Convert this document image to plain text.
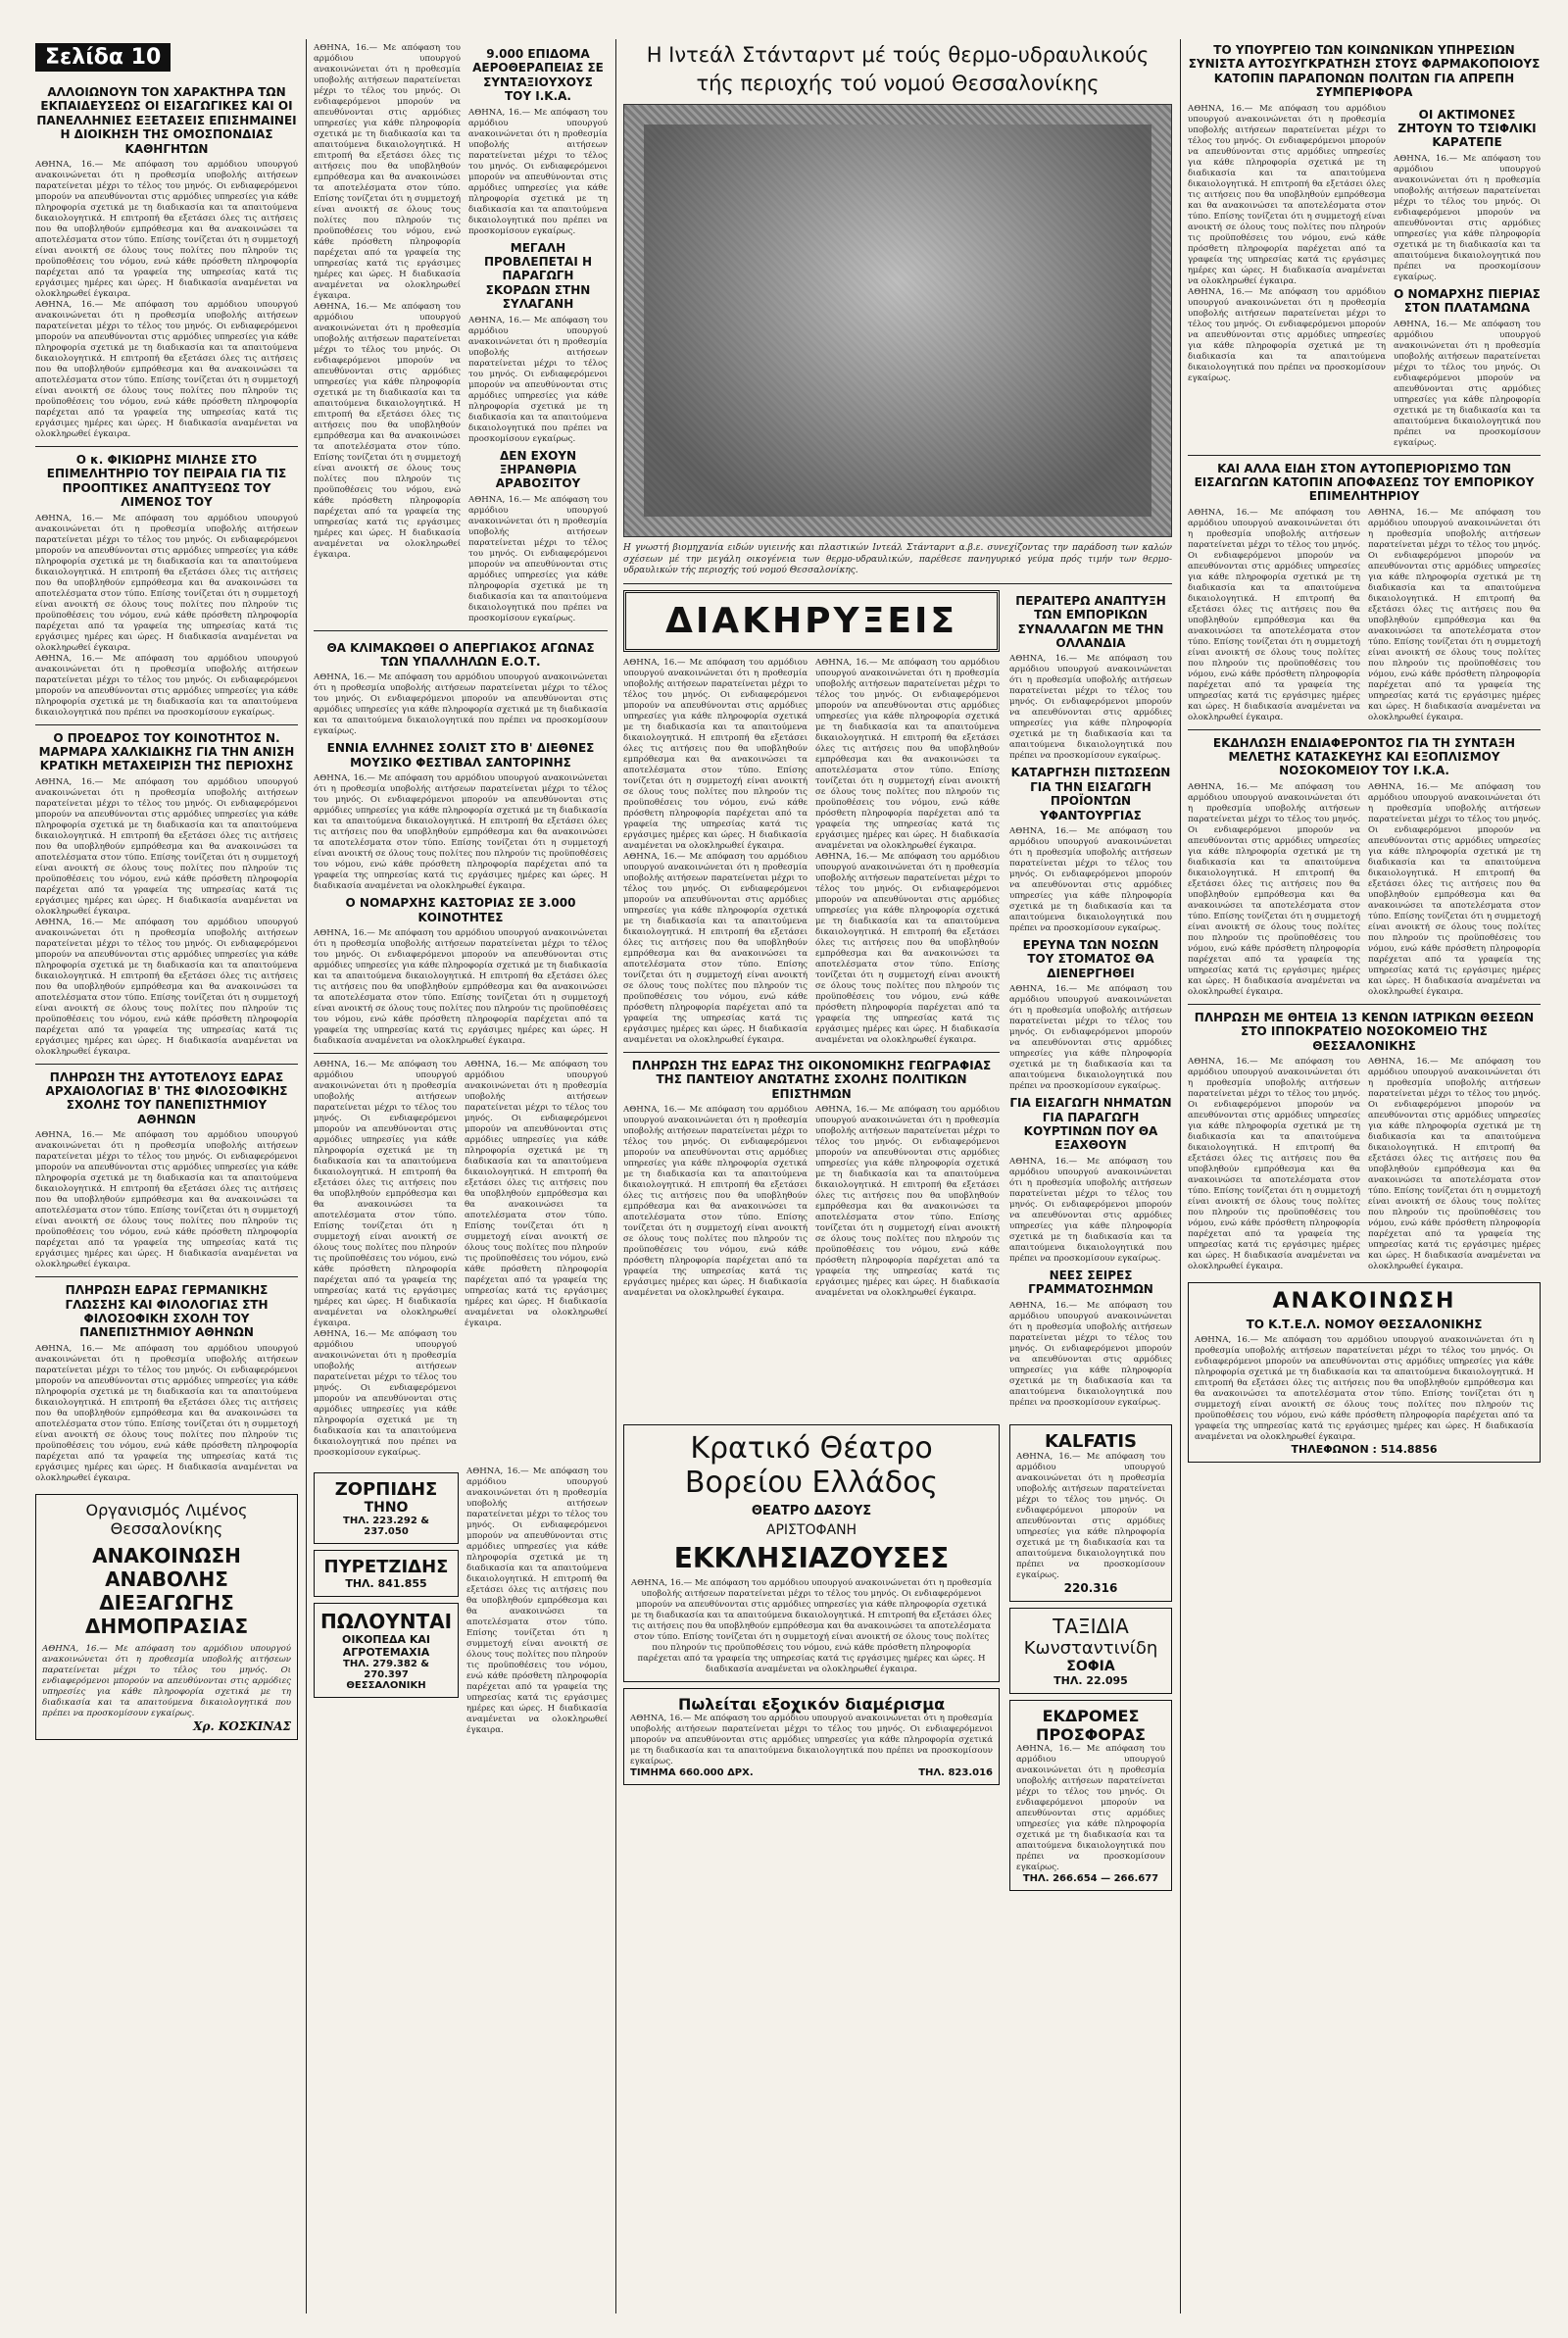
Σελίδα 10
ΑΛΛΟΙΩΝΟΥΝ ΤΟΝ ΧΑΡΑΚΤΗΡΑ ΤΩΝ ΕΚΠΑΙΔΕΥΣΕΩΣ ΟΙ ΕΙΣΑΓΩΓΙΚΕΣ ΚΑΙ ΟΙ ΠΑΝΕΛΛΗΝΙΕΣ ΕΞΕΤΑΣΕΙΣ ΕΠΙΣΗΜΑΙΝΕΙ Η ΔΙΟΙΚΗΣΗ ΤΗΣ ΟΜΟΣΠΟΝΔΙΑΣ ΚΑΘΗΓΗΤΩΝ

ΑΘΗΝΑ, 16.— Με απόφαση του αρμόδιου υπουργού ανακοινώνεται ότι η προθεσμία υποβολής αιτήσεων παρατείνεται μέχρι το τέλος του μηνός. Οι ενδιαφερόμενοι μπορούν να απευθύνονται στις αρμόδιες υπηρεσίες για κάθε πληροφορία σχετικά με τη διαδικασία και τα απαιτούμενα δικαιολογητικά. Η επιτροπή θα εξετάσει όλες τις αιτήσεις που θα υποβληθούν εμπρόθεσμα και θα ανακοινώσει τα αποτελέσματα στον τύπο. Επίσης τονίζεται ότι η συμμετοχή είναι ανοικτή σε όλους τους πολίτες που πληρούν τις προϋποθέσεις του νόμου, ενώ κάθε πρόσθετη πληροφορία παρέχεται από τα γραφεία της υπηρεσίας κατά τις εργάσιμες ημέρες και ώρες. Η διαδικασία αναμένεται να ολοκληρωθεί έγκαιρα.

ΑΘΗΝΑ, 16.— Με απόφαση του αρμόδιου υπουργού ανακοινώνεται ότι η προθεσμία υποβολής αιτήσεων παρατείνεται μέχρι το τέλος του μηνός. Οι ενδιαφερόμενοι μπορούν να απευθύνονται στις αρμόδιες υπηρεσίες για κάθε πληροφορία σχετικά με τη διαδικασία και τα απαιτούμενα δικαιολογητικά. Η επιτροπή θα εξετάσει όλες τις αιτήσεις που θα υποβληθούν εμπρόθεσμα και θα ανακοινώσει τα αποτελέσματα στον τύπο. Επίσης τονίζεται ότι η συμμετοχή είναι ανοικτή σε όλους τους πολίτες που πληρούν τις προϋποθέσεις του νόμου, ενώ κάθε πρόσθετη πληροφορία παρέχεται από τα γραφεία της υπηρεσίας κατά τις εργάσιμες ημέρες και ώρες. Η διαδικασία αναμένεται να ολοκληρωθεί έγκαιρα.

Ο κ. ΦΙΚΙΩΡΗΣ ΜΙΛΗΣΕ ΣΤΟ ΕΠΙΜΕΛΗΤΗΡΙΟ ΤΟΥ ΠΕΙΡΑΙΑ ΓΙΑ ΤΙΣ ΠΡΟΟΠΤΙΚΕΣ ΑΝΑΠΤΥΞΕΩΣ ΤΟΥ ΛΙΜΕΝΟΣ ΤΟΥ

ΑΘΗΝΑ, 16.— Με απόφαση του αρμόδιου υπουργού ανακοινώνεται ότι η προθεσμία υποβολής αιτήσεων παρατείνεται μέχρι το τέλος του μηνός. Οι ενδιαφερόμενοι μπορούν να απευθύνονται στις αρμόδιες υπηρεσίες για κάθε πληροφορία σχετικά με τη διαδικασία και τα απαιτούμενα δικαιολογητικά. Η επιτροπή θα εξετάσει όλες τις αιτήσεις που θα υποβληθούν εμπρόθεσμα και θα ανακοινώσει τα αποτελέσματα στον τύπο. Επίσης τονίζεται ότι η συμμετοχή είναι ανοικτή σε όλους τους πολίτες που πληρούν τις προϋποθέσεις του νόμου, ενώ κάθε πρόσθετη πληροφορία παρέχεται από τα γραφεία της υπηρεσίας κατά τις εργάσιμες ημέρες και ώρες. Η διαδικασία αναμένεται να ολοκληρωθεί έγκαιρα.

ΑΘΗΝΑ, 16.— Με απόφαση του αρμόδιου υπουργού ανακοινώνεται ότι η προθεσμία υποβολής αιτήσεων παρατείνεται μέχρι το τέλος του μηνός. Οι ενδιαφερόμενοι μπορούν να απευθύνονται στις αρμόδιες υπηρεσίες για κάθε πληροφορία σχετικά με τη διαδικασία και τα απαιτούμενα δικαιολογητικά που πρέπει να προσκομίσουν εγκαίρως.

Ο ΠΡΟΕΔΡΟΣ ΤΟΥ ΚΟΙΝΟΤΗΤΟΣ Ν. ΜΑΡΜΑΡΑ ΧΑΛΚΙΔΙΚΗΣ ΓΙΑ ΤΗΝ ΑΝΙΣΗ ΚΡΑΤΙΚΗ ΜΕΤΑΧΕΙΡΙΣΗ ΤΗΣ ΠΕΡΙΟΧΗΣ

ΑΘΗΝΑ, 16.— Με απόφαση του αρμόδιου υπουργού ανακοινώνεται ότι η προθεσμία υποβολής αιτήσεων παρατείνεται μέχρι το τέλος του μηνός. Οι ενδιαφερόμενοι μπορούν να απευθύνονται στις αρμόδιες υπηρεσίες για κάθε πληροφορία σχετικά με τη διαδικασία και τα απαιτούμενα δικαιολογητικά. Η επιτροπή θα εξετάσει όλες τις αιτήσεις που θα υποβληθούν εμπρόθεσμα και θα ανακοινώσει τα αποτελέσματα στον τύπο. Επίσης τονίζεται ότι η συμμετοχή είναι ανοικτή σε όλους τους πολίτες που πληρούν τις προϋποθέσεις του νόμου, ενώ κάθε πρόσθετη πληροφορία παρέχεται από τα γραφεία της υπηρεσίας κατά τις εργάσιμες ημέρες και ώρες. Η διαδικασία αναμένεται να ολοκληρωθεί έγκαιρα.

ΑΘΗΝΑ, 16.— Με απόφαση του αρμόδιου υπουργού ανακοινώνεται ότι η προθεσμία υποβολής αιτήσεων παρατείνεται μέχρι το τέλος του μηνός. Οι ενδιαφερόμενοι μπορούν να απευθύνονται στις αρμόδιες υπηρεσίες για κάθε πληροφορία σχετικά με τη διαδικασία και τα απαιτούμενα δικαιολογητικά. Η επιτροπή θα εξετάσει όλες τις αιτήσεις που θα υποβληθούν εμπρόθεσμα και θα ανακοινώσει τα αποτελέσματα στον τύπο. Επίσης τονίζεται ότι η συμμετοχή είναι ανοικτή σε όλους τους πολίτες που πληρούν τις προϋποθέσεις του νόμου, ενώ κάθε πρόσθετη πληροφορία παρέχεται από τα γραφεία της υπηρεσίας κατά τις εργάσιμες ημέρες και ώρες. Η διαδικασία αναμένεται να ολοκληρωθεί έγκαιρα.

ΠΛΗΡΩΣΗ ΤΗΣ ΑΥΤΟΤΕΛΟΥΣ ΕΔΡΑΣ ΑΡΧΑΙΟΛΟΓΙΑΣ Β' ΤΗΣ ΦΙΛΟΣΟΦΙΚΗΣ ΣΧΟΛΗΣ ΤΟΥ ΠΑΝΕΠΙΣΤΗΜΙΟΥ ΑΘΗΝΩΝ

ΑΘΗΝΑ, 16.— Με απόφαση του αρμόδιου υπουργού ανακοινώνεται ότι η προθεσμία υποβολής αιτήσεων παρατείνεται μέχρι το τέλος του μηνός. Οι ενδιαφερόμενοι μπορούν να απευθύνονται στις αρμόδιες υπηρεσίες για κάθε πληροφορία σχετικά με τη διαδικασία και τα απαιτούμενα δικαιολογητικά. Η επιτροπή θα εξετάσει όλες τις αιτήσεις που θα υποβληθούν εμπρόθεσμα και θα ανακοινώσει τα αποτελέσματα στον τύπο. Επίσης τονίζεται ότι η συμμετοχή είναι ανοικτή σε όλους τους πολίτες που πληρούν τις προϋποθέσεις του νόμου, ενώ κάθε πρόσθετη πληροφορία παρέχεται από τα γραφεία της υπηρεσίας κατά τις εργάσιμες ημέρες και ώρες. Η διαδικασία αναμένεται να ολοκληρωθεί έγκαιρα.

ΠΛΗΡΩΣΗ ΕΔΡΑΣ ΓΕΡΜΑΝΙΚΗΣ ΓΛΩΣΣΗΣ ΚΑΙ ΦΙΛΟΛΟΓΙΑΣ ΣΤΗ ΦΙΛΟΣΟΦΙΚΗ ΣΧΟΛΗ ΤΟΥ ΠΑΝΕΠΙΣΤΗΜΙΟΥ ΑΘΗΝΩΝ

ΑΘΗΝΑ, 16.— Με απόφαση του αρμόδιου υπουργού ανακοινώνεται ότι η προθεσμία υποβολής αιτήσεων παρατείνεται μέχρι το τέλος του μηνός. Οι ενδιαφερόμενοι μπορούν να απευθύνονται στις αρμόδιες υπηρεσίες για κάθε πληροφορία σχετικά με τη διαδικασία και τα απαιτούμενα δικαιολογητικά. Η επιτροπή θα εξετάσει όλες τις αιτήσεις που θα υποβληθούν εμπρόθεσμα και θα ανακοινώσει τα αποτελέσματα στον τύπο. Επίσης τονίζεται ότι η συμμετοχή είναι ανοικτή σε όλους τους πολίτες που πληρούν τις προϋποθέσεις του νόμου, ενώ κάθε πρόσθετη πληροφορία παρέχεται από τα γραφεία της υπηρεσίας κατά τις εργάσιμες ημέρες και ώρες. Η διαδικασία αναμένεται να ολοκληρωθεί έγκαιρα.

Οργανισμός Λιμένος Θεσσαλονίκης
ΑΝΑΚΟΙΝΩΣΗ ΑΝΑΒΟΛΗΣ ΔΙΕΞΑΓΩΓΗΣ ΔΗΜΟΠΡΑΣΙΑΣ

ΑΘΗΝΑ, 16.— Με απόφαση του αρμόδιου υπουργού ανακοινώνεται ότι η προθεσμία υποβολής αιτήσεων παρατείνεται μέχρι το τέλος του μηνός. Οι ενδιαφερόμενοι μπορούν να απευθύνονται στις αρμόδιες υπηρεσίες για κάθε πληροφορία σχετικά με τη διαδικασία και τα απαιτούμενα δικαιολογητικά που πρέπει να προσκομίσουν εγκαίρως.

Χρ. ΚΟΣΚΙΝΑΣ

ΑΘΗΝΑ, 16.— Με απόφαση του αρμόδιου υπουργού ανακοινώνεται ότι η προθεσμία υποβολής αιτήσεων παρατείνεται μέχρι το τέλος του μηνός. Οι ενδιαφερόμενοι μπορούν να απευθύνονται στις αρμόδιες υπηρεσίες για κάθε πληροφορία σχετικά με τη διαδικασία και τα απαιτούμενα δικαιολογητικά. Η επιτροπή θα εξετάσει όλες τις αιτήσεις που θα υποβληθούν εμπρόθεσμα και θα ανακοινώσει τα αποτελέσματα στον τύπο. Επίσης τονίζεται ότι η συμμετοχή είναι ανοικτή σε όλους τους πολίτες που πληρούν τις προϋποθέσεις του νόμου, ενώ κάθε πρόσθετη πληροφορία παρέχεται από τα γραφεία της υπηρεσίας κατά τις εργάσιμες ημέρες και ώρες. Η διαδικασία αναμένεται να ολοκληρωθεί έγκαιρα.

ΑΘΗΝΑ, 16.— Με απόφαση του αρμόδιου υπουργού ανακοινώνεται ότι η προθεσμία υποβολής αιτήσεων παρατείνεται μέχρι το τέλος του μηνός. Οι ενδιαφερόμενοι μπορούν να απευθύνονται στις αρμόδιες υπηρεσίες για κάθε πληροφορία σχετικά με τη διαδικασία και τα απαιτούμενα δικαιολογητικά. Η επιτροπή θα εξετάσει όλες τις αιτήσεις που θα υποβληθούν εμπρόθεσμα και θα ανακοινώσει τα αποτελέσματα στον τύπο. Επίσης τονίζεται ότι η συμμετοχή είναι ανοικτή σε όλους τους πολίτες που πληρούν τις προϋποθέσεις του νόμου, ενώ κάθε πρόσθετη πληροφορία παρέχεται από τα γραφεία της υπηρεσίας κατά τις εργάσιμες ημέρες και ώρες. Η διαδικασία αναμένεται να ολοκληρωθεί έγκαιρα.

9.000 ΕΠΙΔΟΜΑ ΑΕΡΟΘΕΡΑΠΕΙΑΣ ΣΕ ΣΥΝΤΑΞΙΟΥΧΟΥΣ ΤΟΥ Ι.Κ.Α.

ΑΘΗΝΑ, 16.— Με απόφαση του αρμόδιου υπουργού ανακοινώνεται ότι η προθεσμία υποβολής αιτήσεων παρατείνεται μέχρι το τέλος του μηνός. Οι ενδιαφερόμενοι μπορούν να απευθύνονται στις αρμόδιες υπηρεσίες για κάθε πληροφορία σχετικά με τη διαδικασία και τα απαιτούμενα δικαιολογητικά που πρέπει να προσκομίσουν εγκαίρως.

ΜΕΓΑΛΗ ΠΡΟΒΛΕΠΕΤΑΙ Η ΠΑΡΑΓΩΓΗ ΣΚΟΡΔΩΝ ΣΤΗΝ ΣΥΛΑΓΑΝΗ

ΑΘΗΝΑ, 16.— Με απόφαση του αρμόδιου υπουργού ανακοινώνεται ότι η προθεσμία υποβολής αιτήσεων παρατείνεται μέχρι το τέλος του μηνός. Οι ενδιαφερόμενοι μπορούν να απευθύνονται στις αρμόδιες υπηρεσίες για κάθε πληροφορία σχετικά με τη διαδικασία και τα απαιτούμενα δικαιολογητικά που πρέπει να προσκομίσουν εγκαίρως.

ΔΕΝ ΕΧΟΥΝ ΞΗΡΑΝΘΡΙΑ ΑΡΑΒΟΣΙΤΟΥ

ΑΘΗΝΑ, 16.— Με απόφαση του αρμόδιου υπουργού ανακοινώνεται ότι η προθεσμία υποβολής αιτήσεων παρατείνεται μέχρι το τέλος του μηνός. Οι ενδιαφερόμενοι μπορούν να απευθύνονται στις αρμόδιες υπηρεσίες για κάθε πληροφορία σχετικά με τη διαδικασία και τα απαιτούμενα δικαιολογητικά που πρέπει να προσκομίσουν εγκαίρως.

ΘΑ ΚΛΙΜΑΚΩΘΕΙ Ο ΑΠΕΡΓΙΑΚΟΣ ΑΓΩΝΑΣ ΤΩΝ ΥΠΑΛΛΗΛΩΝ Ε.Ο.Τ.

ΑΘΗΝΑ, 16.— Με απόφαση του αρμόδιου υπουργού ανακοινώνεται ότι η προθεσμία υποβολής αιτήσεων παρατείνεται μέχρι το τέλος του μηνός. Οι ενδιαφερόμενοι μπορούν να απευθύνονται στις αρμόδιες υπηρεσίες για κάθε πληροφορία σχετικά με τη διαδικασία και τα απαιτούμενα δικαιολογητικά που πρέπει να προσκομίσουν εγκαίρως.

ΕΝΝΙΑ ΕΛΛΗΝΕΣ ΣΟΛΙΣΤ ΣΤΟ Β' ΔΙΕΘΝΕΣ ΜΟΥΣΙΚΟ ΦΕΣΤΙΒΑΛ ΣΑΝΤΟΡΙΝΗΣ

ΑΘΗΝΑ, 16.— Με απόφαση του αρμόδιου υπουργού ανακοινώνεται ότι η προθεσμία υποβολής αιτήσεων παρατείνεται μέχρι το τέλος του μηνός. Οι ενδιαφερόμενοι μπορούν να απευθύνονται στις αρμόδιες υπηρεσίες για κάθε πληροφορία σχετικά με τη διαδικασία και τα απαιτούμενα δικαιολογητικά. Η επιτροπή θα εξετάσει όλες τις αιτήσεις που θα υποβληθούν εμπρόθεσμα και θα ανακοινώσει τα αποτελέσματα στον τύπο. Επίσης τονίζεται ότι η συμμετοχή είναι ανοικτή σε όλους τους πολίτες που πληρούν τις προϋποθέσεις του νόμου, ενώ κάθε πρόσθετη πληροφορία παρέχεται από τα γραφεία της υπηρεσίας κατά τις εργάσιμες ημέρες και ώρες. Η διαδικασία αναμένεται να ολοκληρωθεί έγκαιρα.

Ο ΝΟΜΑΡΧΗΣ ΚΑΣΤΟΡΙΑΣ ΣΕ 3.000 ΚΟΙΝΟΤΗΤΕΣ

ΑΘΗΝΑ, 16.— Με απόφαση του αρμόδιου υπουργού ανακοινώνεται ότι η προθεσμία υποβολής αιτήσεων παρατείνεται μέχρι το τέλος του μηνός. Οι ενδιαφερόμενοι μπορούν να απευθύνονται στις αρμόδιες υπηρεσίες για κάθε πληροφορία σχετικά με τη διαδικασία και τα απαιτούμενα δικαιολογητικά. Η επιτροπή θα εξετάσει όλες τις αιτήσεις που θα υποβληθούν εμπρόθεσμα και θα ανακοινώσει τα αποτελέσματα στον τύπο. Επίσης τονίζεται ότι η συμμετοχή είναι ανοικτή σε όλους τους πολίτες που πληρούν τις προϋποθέσεις του νόμου, ενώ κάθε πρόσθετη πληροφορία παρέχεται από τα γραφεία της υπηρεσίας κατά τις εργάσιμες ημέρες και ώρες. Η διαδικασία αναμένεται να ολοκληρωθεί έγκαιρα.

ΑΘΗΝΑ, 16.— Με απόφαση του αρμόδιου υπουργού ανακοινώνεται ότι η προθεσμία υποβολής αιτήσεων παρατείνεται μέχρι το τέλος του μηνός. Οι ενδιαφερόμενοι μπορούν να απευθύνονται στις αρμόδιες υπηρεσίες για κάθε πληροφορία σχετικά με τη διαδικασία και τα απαιτούμενα δικαιολογητικά. Η επιτροπή θα εξετάσει όλες τις αιτήσεις που θα υποβληθούν εμπρόθεσμα και θα ανακοινώσει τα αποτελέσματα στον τύπο. Επίσης τονίζεται ότι η συμμετοχή είναι ανοικτή σε όλους τους πολίτες που πληρούν τις προϋποθέσεις του νόμου, ενώ κάθε πρόσθετη πληροφορία παρέχεται από τα γραφεία της υπηρεσίας κατά τις εργάσιμες ημέρες και ώρες. Η διαδικασία αναμένεται να ολοκληρωθεί έγκαιρα.

ΑΘΗΝΑ, 16.— Με απόφαση του αρμόδιου υπουργού ανακοινώνεται ότι η προθεσμία υποβολής αιτήσεων παρατείνεται μέχρι το τέλος του μηνός. Οι ενδιαφερόμενοι μπορούν να απευθύνονται στις αρμόδιες υπηρεσίες για κάθε πληροφορία σχετικά με τη διαδικασία και τα απαιτούμενα δικαιολογητικά που πρέπει να προσκομίσουν εγκαίρως.

ΑΘΗΝΑ, 16.— Με απόφαση του αρμόδιου υπουργού ανακοινώνεται ότι η προθεσμία υποβολής αιτήσεων παρατείνεται μέχρι το τέλος του μηνός. Οι ενδιαφερόμενοι μπορούν να απευθύνονται στις αρμόδιες υπηρεσίες για κάθε πληροφορία σχετικά με τη διαδικασία και τα απαιτούμενα δικαιολογητικά. Η επιτροπή θα εξετάσει όλες τις αιτήσεις που θα υποβληθούν εμπρόθεσμα και θα ανακοινώσει τα αποτελέσματα στον τύπο. Επίσης τονίζεται ότι η συμμετοχή είναι ανοικτή σε όλους τους πολίτες που πληρούν τις προϋποθέσεις του νόμου, ενώ κάθε πρόσθετη πληροφορία παρέχεται από τα γραφεία της υπηρεσίας κατά τις εργάσιμες ημέρες και ώρες. Η διαδικασία αναμένεται να ολοκληρωθεί έγκαιρα.

ΖΟΡΠΙΔΗΣ
ΤΗΝΟ
ΤΗΛ. 223.292 & 237.050
ΠΥΡΕΤΖΙΔΗΣ
ΤΗΛ. 841.855
ΠΩΛΟΥΝΤΑΙ
ΟΙΚΟΠΕΔΑ ΚΑΙ ΑΓΡΟΤΕΜΑΧΙΑ
ΤΗΛ. 279.382 & 270.397
ΘΕΣΣΑΛΟΝΙΚΗ

ΑΘΗΝΑ, 16.— Με απόφαση του αρμόδιου υπουργού ανακοινώνεται ότι η προθεσμία υποβολής αιτήσεων παρατείνεται μέχρι το τέλος του μηνός. Οι ενδιαφερόμενοι μπορούν να απευθύνονται στις αρμόδιες υπηρεσίες για κάθε πληροφορία σχετικά με τη διαδικασία και τα απαιτούμενα δικαιολογητικά. Η επιτροπή θα εξετάσει όλες τις αιτήσεις που θα υποβληθούν εμπρόθεσμα και θα ανακοινώσει τα αποτελέσματα στον τύπο. Επίσης τονίζεται ότι η συμμετοχή είναι ανοικτή σε όλους τους πολίτες που πληρούν τις προϋποθέσεις του νόμου, ενώ κάθε πρόσθετη πληροφορία παρέχεται από τα γραφεία της υπηρεσίας κατά τις εργάσιμες ημέρες και ώρες. Η διαδικασία αναμένεται να ολοκληρωθεί έγκαιρα.

Η Ιντεάλ Στάνταρντ μέ τούς θερμο-υδραυλικούς
τής περιοχής τού νομού Θεσσαλονίκης

Η γνωστή βιομηχανία ειδών υγιεινής και πλαστικών Ιντεάλ Στάνταρντ α.β.ε. συνεχίζοντας την παράδοση των καλών σχέσεων μέ την μεγάλη οικογένεια των θερμο-υδραυλικών, παρέθεσε πανηγυρικό γεύμα πρός τιμήν των θερμο-υδραυλικών τής περιοχής τού νομού Θεσσαλονίκης.

ΔΙΑΚΗΡΥΞΕΙΣ

ΑΘΗΝΑ, 16.— Με απόφαση του αρμόδιου υπουργού ανακοινώνεται ότι η προθεσμία υποβολής αιτήσεων παρατείνεται μέχρι το τέλος του μηνός. Οι ενδιαφερόμενοι μπορούν να απευθύνονται στις αρμόδιες υπηρεσίες για κάθε πληροφορία σχετικά με τη διαδικασία και τα απαιτούμενα δικαιολογητικά. Η επιτροπή θα εξετάσει όλες τις αιτήσεις που θα υποβληθούν εμπρόθεσμα και θα ανακοινώσει τα αποτελέσματα στον τύπο. Επίσης τονίζεται ότι η συμμετοχή είναι ανοικτή σε όλους τους πολίτες που πληρούν τις προϋποθέσεις του νόμου, ενώ κάθε πρόσθετη πληροφορία παρέχεται από τα γραφεία της υπηρεσίας κατά τις εργάσιμες ημέρες και ώρες. Η διαδικασία αναμένεται να ολοκληρωθεί έγκαιρα.

ΑΘΗΝΑ, 16.— Με απόφαση του αρμόδιου υπουργού ανακοινώνεται ότι η προθεσμία υποβολής αιτήσεων παρατείνεται μέχρι το τέλος του μηνός. Οι ενδιαφερόμενοι μπορούν να απευθύνονται στις αρμόδιες υπηρεσίες για κάθε πληροφορία σχετικά με τη διαδικασία και τα απαιτούμενα δικαιολογητικά. Η επιτροπή θα εξετάσει όλες τις αιτήσεις που θα υποβληθούν εμπρόθεσμα και θα ανακοινώσει τα αποτελέσματα στον τύπο. Επίσης τονίζεται ότι η συμμετοχή είναι ανοικτή σε όλους τους πολίτες που πληρούν τις προϋποθέσεις του νόμου, ενώ κάθε πρόσθετη πληροφορία παρέχεται από τα γραφεία της υπηρεσίας κατά τις εργάσιμες ημέρες και ώρες. Η διαδικασία αναμένεται να ολοκληρωθεί έγκαιρα.

ΑΘΗΝΑ, 16.— Με απόφαση του αρμόδιου υπουργού ανακοινώνεται ότι η προθεσμία υποβολής αιτήσεων παρατείνεται μέχρι το τέλος του μηνός. Οι ενδιαφερόμενοι μπορούν να απευθύνονται στις αρμόδιες υπηρεσίες για κάθε πληροφορία σχετικά με τη διαδικασία και τα απαιτούμενα δικαιολογητικά. Η επιτροπή θα εξετάσει όλες τις αιτήσεις που θα υποβληθούν εμπρόθεσμα και θα ανακοινώσει τα αποτελέσματα στον τύπο. Επίσης τονίζεται ότι η συμμετοχή είναι ανοικτή σε όλους τους πολίτες που πληρούν τις προϋποθέσεις του νόμου, ενώ κάθε πρόσθετη πληροφορία παρέχεται από τα γραφεία της υπηρεσίας κατά τις εργάσιμες ημέρες και ώρες. Η διαδικασία αναμένεται να ολοκληρωθεί έγκαιρα.

ΑΘΗΝΑ, 16.— Με απόφαση του αρμόδιου υπουργού ανακοινώνεται ότι η προθεσμία υποβολής αιτήσεων παρατείνεται μέχρι το τέλος του μηνός. Οι ενδιαφερόμενοι μπορούν να απευθύνονται στις αρμόδιες υπηρεσίες για κάθε πληροφορία σχετικά με τη διαδικασία και τα απαιτούμενα δικαιολογητικά. Η επιτροπή θα εξετάσει όλες τις αιτήσεις που θα υποβληθούν εμπρόθεσμα και θα ανακοινώσει τα αποτελέσματα στον τύπο. Επίσης τονίζεται ότι η συμμετοχή είναι ανοικτή σε όλους τους πολίτες που πληρούν τις προϋποθέσεις του νόμου, ενώ κάθε πρόσθετη πληροφορία παρέχεται από τα γραφεία της υπηρεσίας κατά τις εργάσιμες ημέρες και ώρες. Η διαδικασία αναμένεται να ολοκληρωθεί έγκαιρα.

ΠΛΗΡΩΣΗ ΤΗΣ ΕΔΡΑΣ ΤΗΣ ΟΙΚΟΝΟΜΙΚΗΣ ΓΕΩΓΡΑΦΙΑΣ ΤΗΣ ΠΑΝΤΕΙΟΥ ΑΝΩΤΑΤΗΣ ΣΧΟΛΗΣ ΠΟΛΙΤΙΚΩΝ ΕΠΙΣΤΗΜΩΝ

ΑΘΗΝΑ, 16.— Με απόφαση του αρμόδιου υπουργού ανακοινώνεται ότι η προθεσμία υποβολής αιτήσεων παρατείνεται μέχρι το τέλος του μηνός. Οι ενδιαφερόμενοι μπορούν να απευθύνονται στις αρμόδιες υπηρεσίες για κάθε πληροφορία σχετικά με τη διαδικασία και τα απαιτούμενα δικαιολογητικά. Η επιτροπή θα εξετάσει όλες τις αιτήσεις που θα υποβληθούν εμπρόθεσμα και θα ανακοινώσει τα αποτελέσματα στον τύπο. Επίσης τονίζεται ότι η συμμετοχή είναι ανοικτή σε όλους τους πολίτες που πληρούν τις προϋποθέσεις του νόμου, ενώ κάθε πρόσθετη πληροφορία παρέχεται από τα γραφεία της υπηρεσίας κατά τις εργάσιμες ημέρες και ώρες. Η διαδικασία αναμένεται να ολοκληρωθεί έγκαιρα.

ΑΘΗΝΑ, 16.— Με απόφαση του αρμόδιου υπουργού ανακοινώνεται ότι η προθεσμία υποβολής αιτήσεων παρατείνεται μέχρι το τέλος του μηνός. Οι ενδιαφερόμενοι μπορούν να απευθύνονται στις αρμόδιες υπηρεσίες για κάθε πληροφορία σχετικά με τη διαδικασία και τα απαιτούμενα δικαιολογητικά. Η επιτροπή θα εξετάσει όλες τις αιτήσεις που θα υποβληθούν εμπρόθεσμα και θα ανακοινώσει τα αποτελέσματα στον τύπο. Επίσης τονίζεται ότι η συμμετοχή είναι ανοικτή σε όλους τους πολίτες που πληρούν τις προϋποθέσεις του νόμου, ενώ κάθε πρόσθετη πληροφορία παρέχεται από τα γραφεία της υπηρεσίας κατά τις εργάσιμες ημέρες και ώρες. Η διαδικασία αναμένεται να ολοκληρωθεί έγκαιρα.

ΠΕΡΑΙΤΕΡΩ ΑΝΑΠΤΥΞΗ ΤΩΝ ΕΜΠΟΡΙΚΩΝ ΣΥΝΑΛΛΑΓΩΝ ΜΕ ΤΗΝ ΟΛΛΑΝΔΙΑ

ΑΘΗΝΑ, 16.— Με απόφαση του αρμόδιου υπουργού ανακοινώνεται ότι η προθεσμία υποβολής αιτήσεων παρατείνεται μέχρι το τέλος του μηνός. Οι ενδιαφερόμενοι μπορούν να απευθύνονται στις αρμόδιες υπηρεσίες για κάθε πληροφορία σχετικά με τη διαδικασία και τα απαιτούμενα δικαιολογητικά που πρέπει να προσκομίσουν εγκαίρως.

ΚΑΤΑΡΓΗΣΗ ΠΙΣΤΩΣΕΩΝ ΓΙΑ ΤΗΝ ΕΙΣΑΓΩΓΗ ΠΡΟΪΟΝΤΩΝ ΥΦΑΝΤΟΥΡΓΙΑΣ

ΑΘΗΝΑ, 16.— Με απόφαση του αρμόδιου υπουργού ανακοινώνεται ότι η προθεσμία υποβολής αιτήσεων παρατείνεται μέχρι το τέλος του μηνός. Οι ενδιαφερόμενοι μπορούν να απευθύνονται στις αρμόδιες υπηρεσίες για κάθε πληροφορία σχετικά με τη διαδικασία και τα απαιτούμενα δικαιολογητικά που πρέπει να προσκομίσουν εγκαίρως.

ΕΡΕΥΝΑ ΤΩΝ ΝΟΣΩΝ ΤΟΥ ΣΤΟΜΑΤΟΣ ΘΑ ΔΙΕΝΕΡΓΗΘΕΙ

ΑΘΗΝΑ, 16.— Με απόφαση του αρμόδιου υπουργού ανακοινώνεται ότι η προθεσμία υποβολής αιτήσεων παρατείνεται μέχρι το τέλος του μηνός. Οι ενδιαφερόμενοι μπορούν να απευθύνονται στις αρμόδιες υπηρεσίες για κάθε πληροφορία σχετικά με τη διαδικασία και τα απαιτούμενα δικαιολογητικά που πρέπει να προσκομίσουν εγκαίρως.

ΓΙΑ ΕΙΣΑΓΩΓΗ ΝΗΜΑΤΩΝ ΓΙΑ ΠΑΡΑΓΩΓΗ ΚΟΥΡΤΙΝΩΝ ΠΟΥ ΘΑ ΕΞΑΧΘΟΥΝ

ΑΘΗΝΑ, 16.— Με απόφαση του αρμόδιου υπουργού ανακοινώνεται ότι η προθεσμία υποβολής αιτήσεων παρατείνεται μέχρι το τέλος του μηνός. Οι ενδιαφερόμενοι μπορούν να απευθύνονται στις αρμόδιες υπηρεσίες για κάθε πληροφορία σχετικά με τη διαδικασία και τα απαιτούμενα δικαιολογητικά που πρέπει να προσκομίσουν εγκαίρως.

ΝΕΕΣ ΣΕΙΡΕΣ ΓΡΑΜΜΑΤΟΣΗΜΩΝ

ΑΘΗΝΑ, 16.— Με απόφαση του αρμόδιου υπουργού ανακοινώνεται ότι η προθεσμία υποβολής αιτήσεων παρατείνεται μέχρι το τέλος του μηνός. Οι ενδιαφερόμενοι μπορούν να απευθύνονται στις αρμόδιες υπηρεσίες για κάθε πληροφορία σχετικά με τη διαδικασία και τα απαιτούμενα δικαιολογητικά που πρέπει να προσκομίσουν εγκαίρως.

Κρατικό Θέατρο
Βορείου Ελλάδος
ΘΕΑΤΡΟ ΔΑΣΟΥΣ
ΑΡΙΣΤΟΦΑΝΗ
ΕΚΚΛΗΣΙΑΖΟΥΣΕΣ

ΑΘΗΝΑ, 16.— Με απόφαση του αρμόδιου υπουργού ανακοινώνεται ότι η προθεσμία υποβολής αιτήσεων παρατείνεται μέχρι το τέλος του μηνός. Οι ενδιαφερόμενοι μπορούν να απευθύνονται στις αρμόδιες υπηρεσίες για κάθε πληροφορία σχετικά με τη διαδικασία και τα απαιτούμενα δικαιολογητικά. Η επιτροπή θα εξετάσει όλες τις αιτήσεις που θα υποβληθούν εμπρόθεσμα και θα ανακοινώσει τα αποτελέσματα στον τύπο. Επίσης τονίζεται ότι η συμμετοχή είναι ανοικτή σε όλους τους πολίτες που πληρούν τις προϋποθέσεις του νόμου, ενώ κάθε πρόσθετη πληροφορία παρέχεται από τα γραφεία της υπηρεσίας κατά τις εργάσιμες ημέρες και ώρες. Η διαδικασία αναμένεται να ολοκληρωθεί έγκαιρα.

Πωλείται εξοχικόν διαμέρισμα

ΑΘΗΝΑ, 16.— Με απόφαση του αρμόδιου υπουργού ανακοινώνεται ότι η προθεσμία υποβολής αιτήσεων παρατείνεται μέχρι το τέλος του μηνός. Οι ενδιαφερόμενοι μπορούν να απευθύνονται στις αρμόδιες υπηρεσίες για κάθε πληροφορία σχετικά με τη διαδικασία και τα απαιτούμενα δικαιολογητικά που πρέπει να προσκομίσουν εγκαίρως.

ΤΙΜΗΜΑ 660.000 ΔΡΧ.	ΤΗΛ. 823.016
KALFATIS

ΑΘΗΝΑ, 16.— Με απόφαση του αρμόδιου υπουργού ανακοινώνεται ότι η προθεσμία υποβολής αιτήσεων παρατείνεται μέχρι το τέλος του μηνός. Οι ενδιαφερόμενοι μπορούν να απευθύνονται στις αρμόδιες υπηρεσίες για κάθε πληροφορία σχετικά με τη διαδικασία και τα απαιτούμενα δικαιολογητικά που πρέπει να προσκομίσουν εγκαίρως.

220.316
ΤΑΞΙΔΙΑ
Κωνσταντινίδη
ΣΟΦΙΑ
ΤΗΛ. 22.095
ΕΚΔΡΟΜΕΣ ΠΡΟΣΦΟΡΑΣ

ΑΘΗΝΑ, 16.— Με απόφαση του αρμόδιου υπουργού ανακοινώνεται ότι η προθεσμία υποβολής αιτήσεων παρατείνεται μέχρι το τέλος του μηνός. Οι ενδιαφερόμενοι μπορούν να απευθύνονται στις αρμόδιες υπηρεσίες για κάθε πληροφορία σχετικά με τη διαδικασία και τα απαιτούμενα δικαιολογητικά που πρέπει να προσκομίσουν εγκαίρως.

ΤΗΛ. 266.654 — 266.677
ΤΟ ΥΠΟΥΡΓΕΙΟ ΤΩΝ ΚΟΙΝΩΝΙΚΩΝ ΥΠΗΡΕΣΙΩΝ ΣΥΝΙΣΤΑ ΑΥΤΟΣΥΓΚΡΑΤΗΣΗ ΣΤΟΥΣ ΦΑΡΜΑΚΟΠΟΙΟΥΣ ΚΑΤΟΠΙΝ ΠΑΡΑΠΟΝΩΝ ΠΟΛΙΤΩΝ ΓΙΑ ΑΠΡΕΠΗ ΣΥΜΠΕΡΙΦΟΡΑ

ΑΘΗΝΑ, 16.— Με απόφαση του αρμόδιου υπουργού ανακοινώνεται ότι η προθεσμία υποβολής αιτήσεων παρατείνεται μέχρι το τέλος του μηνός. Οι ενδιαφερόμενοι μπορούν να απευθύνονται στις αρμόδιες υπηρεσίες για κάθε πληροφορία σχετικά με τη διαδικασία και τα απαιτούμενα δικαιολογητικά. Η επιτροπή θα εξετάσει όλες τις αιτήσεις που θα υποβληθούν εμπρόθεσμα και θα ανακοινώσει τα αποτελέσματα στον τύπο. Επίσης τονίζεται ότι η συμμετοχή είναι ανοικτή σε όλους τους πολίτες που πληρούν τις προϋποθέσεις του νόμου, ενώ κάθε πρόσθετη πληροφορία παρέχεται από τα γραφεία της υπηρεσίας κατά τις εργάσιμες ημέρες και ώρες. Η διαδικασία αναμένεται να ολοκληρωθεί έγκαιρα.

ΑΘΗΝΑ, 16.— Με απόφαση του αρμόδιου υπουργού ανακοινώνεται ότι η προθεσμία υποβολής αιτήσεων παρατείνεται μέχρι το τέλος του μηνός. Οι ενδιαφερόμενοι μπορούν να απευθύνονται στις αρμόδιες υπηρεσίες για κάθε πληροφορία σχετικά με τη διαδικασία και τα απαιτούμενα δικαιολογητικά που πρέπει να προσκομίσουν εγκαίρως.

ΟΙ ΑΚΤΙΜΟΝΕΣ ΖΗΤΟΥΝ ΤΟ ΤΣΙΦΛΙΚΙ ΚΑΡΑΤΕΠΕ

ΑΘΗΝΑ, 16.— Με απόφαση του αρμόδιου υπουργού ανακοινώνεται ότι η προθεσμία υποβολής αιτήσεων παρατείνεται μέχρι το τέλος του μηνός. Οι ενδιαφερόμενοι μπορούν να απευθύνονται στις αρμόδιες υπηρεσίες για κάθε πληροφορία σχετικά με τη διαδικασία και τα απαιτούμενα δικαιολογητικά που πρέπει να προσκομίσουν εγκαίρως.

Ο ΝΟΜΑΡΧΗΣ ΠΙΕΡΙΑΣ ΣΤΟΝ ΠΛΑΤΑΜΩΝΑ

ΑΘΗΝΑ, 16.— Με απόφαση του αρμόδιου υπουργού ανακοινώνεται ότι η προθεσμία υποβολής αιτήσεων παρατείνεται μέχρι το τέλος του μηνός. Οι ενδιαφερόμενοι μπορούν να απευθύνονται στις αρμόδιες υπηρεσίες για κάθε πληροφορία σχετικά με τη διαδικασία και τα απαιτούμενα δικαιολογητικά που πρέπει να προσκομίσουν εγκαίρως.

ΚΑΙ ΑΛΛΑ ΕΙΔΗ ΣΤΟΝ ΑΥΤΟΠΕΡΙΟΡΙΣΜΟ ΤΩΝ ΕΙΣΑΓΩΓΩΝ ΚΑΤΟΠΙΝ ΑΠΟΦΑΣΕΩΣ ΤΟΥ ΕΜΠΟΡΙΚΟΥ ΕΠΙΜΕΛΗΤΗΡΙΟΥ

ΑΘΗΝΑ, 16.— Με απόφαση του αρμόδιου υπουργού ανακοινώνεται ότι η προθεσμία υποβολής αιτήσεων παρατείνεται μέχρι το τέλος του μηνός. Οι ενδιαφερόμενοι μπορούν να απευθύνονται στις αρμόδιες υπηρεσίες για κάθε πληροφορία σχετικά με τη διαδικασία και τα απαιτούμενα δικαιολογητικά. Η επιτροπή θα εξετάσει όλες τις αιτήσεις που θα υποβληθούν εμπρόθεσμα και θα ανακοινώσει τα αποτελέσματα στον τύπο. Επίσης τονίζεται ότι η συμμετοχή είναι ανοικτή σε όλους τους πολίτες που πληρούν τις προϋποθέσεις του νόμου, ενώ κάθε πρόσθετη πληροφορία παρέχεται από τα γραφεία της υπηρεσίας κατά τις εργάσιμες ημέρες και ώρες. Η διαδικασία αναμένεται να ολοκληρωθεί έγκαιρα.

ΑΘΗΝΑ, 16.— Με απόφαση του αρμόδιου υπουργού ανακοινώνεται ότι η προθεσμία υποβολής αιτήσεων παρατείνεται μέχρι το τέλος του μηνός. Οι ενδιαφερόμενοι μπορούν να απευθύνονται στις αρμόδιες υπηρεσίες για κάθε πληροφορία σχετικά με τη διαδικασία και τα απαιτούμενα δικαιολογητικά. Η επιτροπή θα εξετάσει όλες τις αιτήσεις που θα υποβληθούν εμπρόθεσμα και θα ανακοινώσει τα αποτελέσματα στον τύπο. Επίσης τονίζεται ότι η συμμετοχή είναι ανοικτή σε όλους τους πολίτες που πληρούν τις προϋποθέσεις του νόμου, ενώ κάθε πρόσθετη πληροφορία παρέχεται από τα γραφεία της υπηρεσίας κατά τις εργάσιμες ημέρες και ώρες. Η διαδικασία αναμένεται να ολοκληρωθεί έγκαιρα.

ΕΚΔΗΛΩΣΗ ΕΝΔΙΑΦΕΡΟΝΤΟΣ ΓΙΑ ΤΗ ΣΥΝΤΑΞΗ ΜΕΛΕΤΗΣ ΚΑΤΑΣΚΕΥΗΣ ΚΑΙ ΕΞΟΠΛΙΣΜΟΥ ΝΟΣΟΚΟΜΕΙΟΥ ΤΟΥ Ι.Κ.Α.

ΑΘΗΝΑ, 16.— Με απόφαση του αρμόδιου υπουργού ανακοινώνεται ότι η προθεσμία υποβολής αιτήσεων παρατείνεται μέχρι το τέλος του μηνός. Οι ενδιαφερόμενοι μπορούν να απευθύνονται στις αρμόδιες υπηρεσίες για κάθε πληροφορία σχετικά με τη διαδικασία και τα απαιτούμενα δικαιολογητικά. Η επιτροπή θα εξετάσει όλες τις αιτήσεις που θα υποβληθούν εμπρόθεσμα και θα ανακοινώσει τα αποτελέσματα στον τύπο. Επίσης τονίζεται ότι η συμμετοχή είναι ανοικτή σε όλους τους πολίτες που πληρούν τις προϋποθέσεις του νόμου, ενώ κάθε πρόσθετη πληροφορία παρέχεται από τα γραφεία της υπηρεσίας κατά τις εργάσιμες ημέρες και ώρες. Η διαδικασία αναμένεται να ολοκληρωθεί έγκαιρα.

ΑΘΗΝΑ, 16.— Με απόφαση του αρμόδιου υπουργού ανακοινώνεται ότι η προθεσμία υποβολής αιτήσεων παρατείνεται μέχρι το τέλος του μηνός. Οι ενδιαφερόμενοι μπορούν να απευθύνονται στις αρμόδιες υπηρεσίες για κάθε πληροφορία σχετικά με τη διαδικασία και τα απαιτούμενα δικαιολογητικά. Η επιτροπή θα εξετάσει όλες τις αιτήσεις που θα υποβληθούν εμπρόθεσμα και θα ανακοινώσει τα αποτελέσματα στον τύπο. Επίσης τονίζεται ότι η συμμετοχή είναι ανοικτή σε όλους τους πολίτες που πληρούν τις προϋποθέσεις του νόμου, ενώ κάθε πρόσθετη πληροφορία παρέχεται από τα γραφεία της υπηρεσίας κατά τις εργάσιμες ημέρες και ώρες. Η διαδικασία αναμένεται να ολοκληρωθεί έγκαιρα.

ΠΛΗΡΩΣΗ ΜΕ ΘΗΤΕΙΑ 13 ΚΕΝΩΝ ΙΑΤΡΙΚΩΝ ΘΕΣΕΩΝ ΣΤΟ ΙΠΠΟΚΡΑΤΕΙΟ ΝΟΣΟΚΟΜΕΙΟ ΤΗΣ ΘΕΣΣΑΛΟΝΙΚΗΣ

ΑΘΗΝΑ, 16.— Με απόφαση του αρμόδιου υπουργού ανακοινώνεται ότι η προθεσμία υποβολής αιτήσεων παρατείνεται μέχρι το τέλος του μηνός. Οι ενδιαφερόμενοι μπορούν να απευθύνονται στις αρμόδιες υπηρεσίες για κάθε πληροφορία σχετικά με τη διαδικασία και τα απαιτούμενα δικαιολογητικά. Η επιτροπή θα εξετάσει όλες τις αιτήσεις που θα υποβληθούν εμπρόθεσμα και θα ανακοινώσει τα αποτελέσματα στον τύπο. Επίσης τονίζεται ότι η συμμετοχή είναι ανοικτή σε όλους τους πολίτες που πληρούν τις προϋποθέσεις του νόμου, ενώ κάθε πρόσθετη πληροφορία παρέχεται από τα γραφεία της υπηρεσίας κατά τις εργάσιμες ημέρες και ώρες. Η διαδικασία αναμένεται να ολοκληρωθεί έγκαιρα.

ΑΘΗΝΑ, 16.— Με απόφαση του αρμόδιου υπουργού ανακοινώνεται ότι η προθεσμία υποβολής αιτήσεων παρατείνεται μέχρι το τέλος του μηνός. Οι ενδιαφερόμενοι μπορούν να απευθύνονται στις αρμόδιες υπηρεσίες για κάθε πληροφορία σχετικά με τη διαδικασία και τα απαιτούμενα δικαιολογητικά. Η επιτροπή θα εξετάσει όλες τις αιτήσεις που θα υποβληθούν εμπρόθεσμα και θα ανακοινώσει τα αποτελέσματα στον τύπο. Επίσης τονίζεται ότι η συμμετοχή είναι ανοικτή σε όλους τους πολίτες που πληρούν τις προϋποθέσεις του νόμου, ενώ κάθε πρόσθετη πληροφορία παρέχεται από τα γραφεία της υπηρεσίας κατά τις εργάσιμες ημέρες και ώρες. Η διαδικασία αναμένεται να ολοκληρωθεί έγκαιρα.

ΑΝΑΚΟΙΝΩΣΗ
ΤΟ Κ.Τ.Ε.Λ. ΝΟΜΟΥ ΘΕΣΣΑΛΟΝΙΚΗΣ

ΑΘΗΝΑ, 16.— Με απόφαση του αρμόδιου υπουργού ανακοινώνεται ότι η προθεσμία υποβολής αιτήσεων παρατείνεται μέχρι το τέλος του μηνός. Οι ενδιαφερόμενοι μπορούν να απευθύνονται στις αρμόδιες υπηρεσίες για κάθε πληροφορία σχετικά με τη διαδικασία και τα απαιτούμενα δικαιολογητικά. Η επιτροπή θα εξετάσει όλες τις αιτήσεις που θα υποβληθούν εμπρόθεσμα και θα ανακοινώσει τα αποτελέσματα στον τύπο. Επίσης τονίζεται ότι η συμμετοχή είναι ανοικτή σε όλους τους πολίτες που πληρούν τις προϋποθέσεις του νόμου, ενώ κάθε πρόσθετη πληροφορία παρέχεται από τα γραφεία της υπηρεσίας κατά τις εργάσιμες ημέρες και ώρες. Η διαδικασία αναμένεται να ολοκληρωθεί έγκαιρα.

ΤΗΛΕΦΩΝΟΝ : 514.8856
